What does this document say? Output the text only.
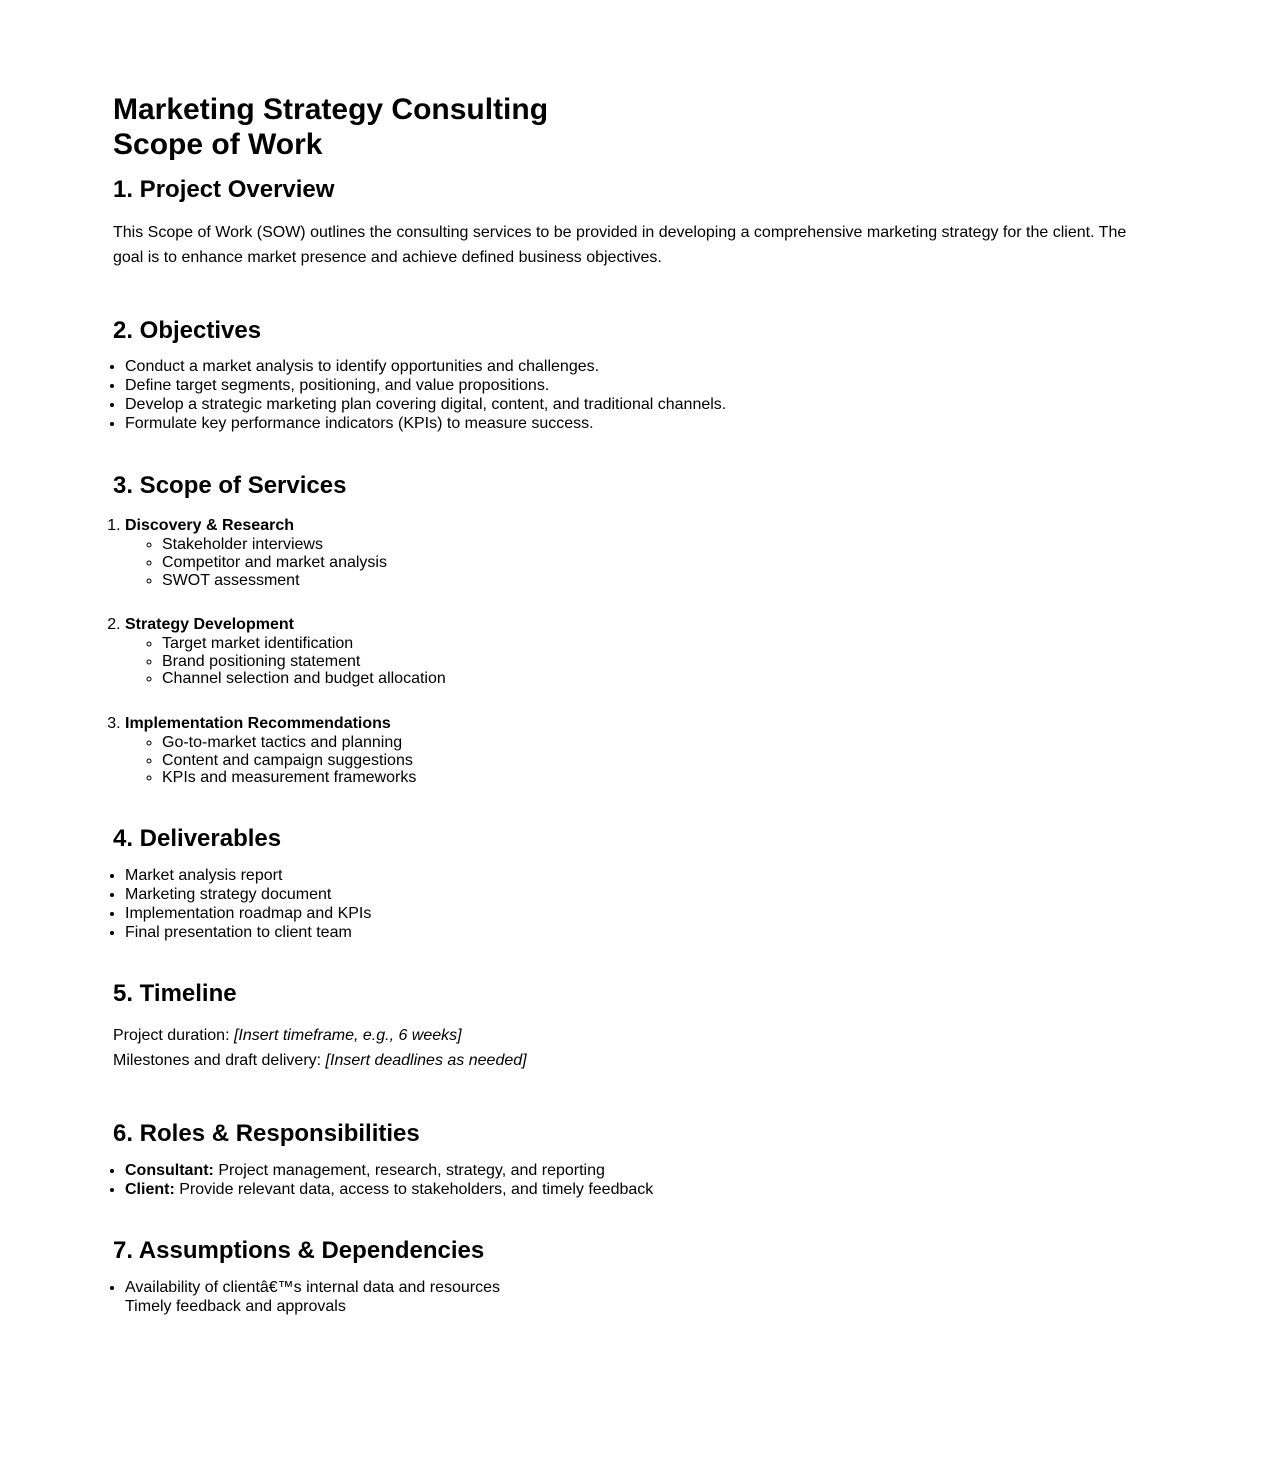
Marketing Strategy Consulting
Scope of Work
1. Project Overview

This Scope of Work (SOW) outlines the consulting services to be provided in developing a comprehensive marketing strategy for the client. The goal is to enhance market presence and achieve defined business objectives.

2. Objectives
• Conduct a market analysis to identify opportunities and challenges.
• Define target segments, positioning, and value propositions.
• Develop a strategic marketing plan covering digital, content, and traditional channels.
• Formulate key performance indicators (KPIs) to measure success.
3. Scope of Services

1. Discovery & Research

◦ Stakeholder interviews
◦ Competitor and market analysis
◦ SWOT assessment

2. Strategy Development

◦ Target market identification
◦ Brand positioning statement
◦ Channel selection and budget allocation

3. Implementation Recommendations

◦ Go-to-market tactics and planning
◦ Content and campaign suggestions
◦ KPIs and measurement frameworks
4. Deliverables
• Market analysis report
• Marketing strategy document
• Implementation roadmap and KPIs
• Final presentation to client team
5. Timeline

Project duration: [Insert timeframe, e.g., 6 weeks]
Milestones and draft delivery: [Insert deadlines as needed]

6. Roles & Responsibilities
• Consultant: Project management, research, strategy, and reporting
• Client: Provide relevant data, access to stakeholders, and timely feedback
7. Assumptions & Dependencies
• Availability of clientâ€™s internal data and resources
Timely feedback and approvals
